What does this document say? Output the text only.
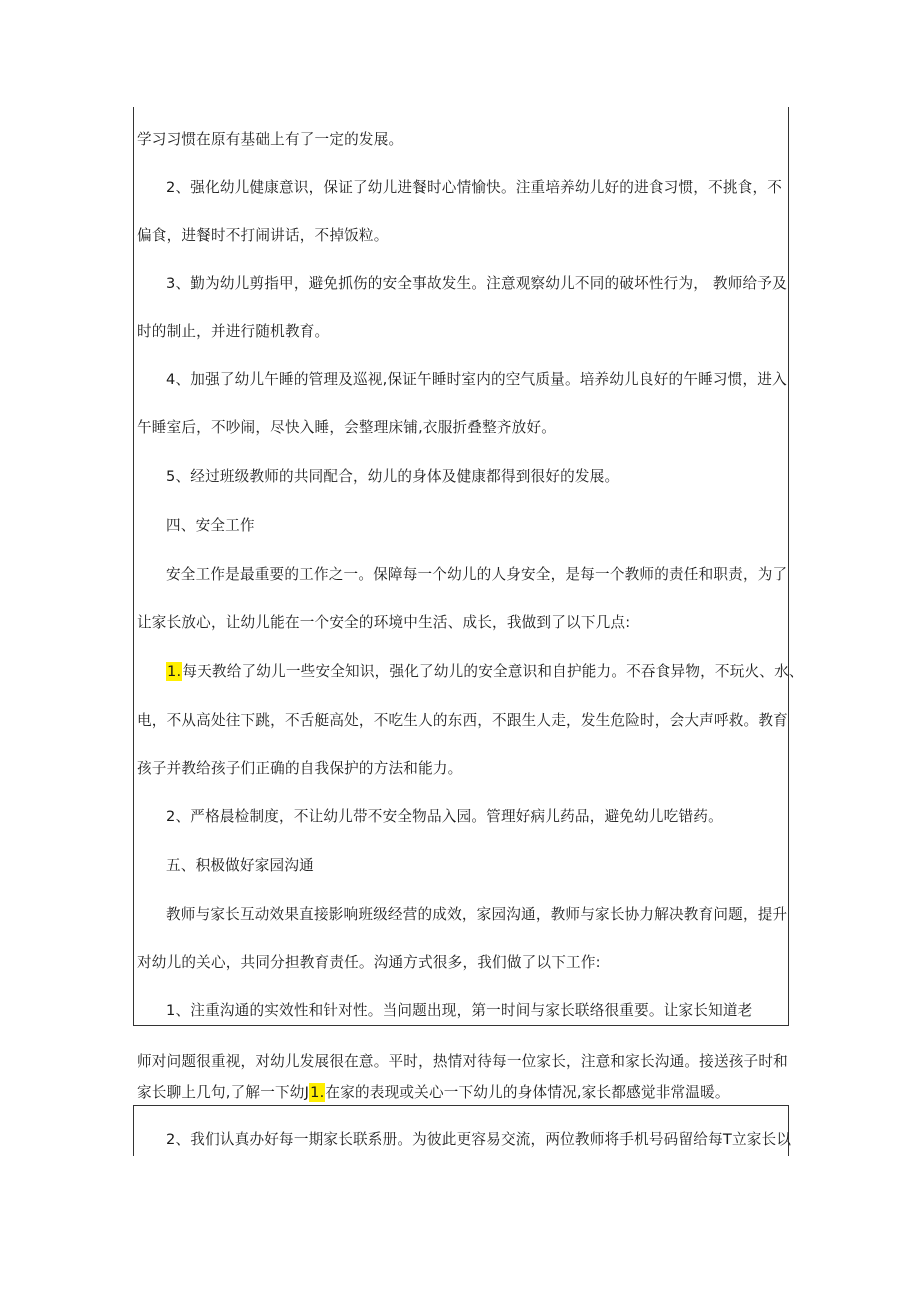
学习习惯在原有基础上有了一定的发展。
2、强化幼儿健康意识，保证了幼儿进餐时心情愉快。注重培养幼儿好的进食习惯，不挑食，不
偏食，进餐时不打闹讲话，不掉饭粒。
3、勤为幼儿剪指甲，避免抓伤的安全事故发生。注意观察幼儿不同的破坏性行为， 教师给予及
时的制止，并进行随机教育。
4、加强了幼儿午睡的管理及巡视,保证午睡时室内的空气质量。培养幼儿良好的午睡习惯，进入
午睡室后，不吵闹，尽快入睡，会整理床铺,衣服折叠整齐放好。
5、经过班级教师的共同配合，幼儿的身体及健康都得到很好的发展。
四、安全工作
安全工作是最重要的工作之一。保障每一个幼儿的人身安全，是每一个教师的责任和职责，为了
让家长放心，让幼儿能在一个安全的环境中生活、成长，我做到了以下几点:
1.每天教给了幼儿一些安全知识，强化了幼儿的安全意识和自护能力。不吞食异物，不玩火、水、
电，不从高处往下跳，不舌艇高处，不吃生人的东西，不跟生人走，发生危险时，会大声呼救。教育
孩子并教给孩子们正确的自我保护的方法和能力。
2、严格晨检制度，不让幼儿带不安全物品入园。管理好病儿药品，避免幼儿吃错药。
五、积极做好家园沟通
教师与家长互动效果直接影响班级经营的成效，家园沟通，教师与家长协力解决教育问题，提升
对幼儿的关心，共同分担教育责任。沟通方式很多，我们做了以下工作:
1、注重沟通的实效性和针对性。当问题出现，第一时间与家长联络很重要。让家长知道老
师对问题很重视，对幼儿发展很在意。平时，热情对待每一位家长，注意和家长沟通。接送孩子时和
家长聊上几句,了解一下幼J1.在家的表现或关心一下幼儿的身体情况,家长都感觉非常温暖。
2、我们认真办好每一期家长联系册。为彼此更容易交流，两位教师将手机号码留给每T立家长以
